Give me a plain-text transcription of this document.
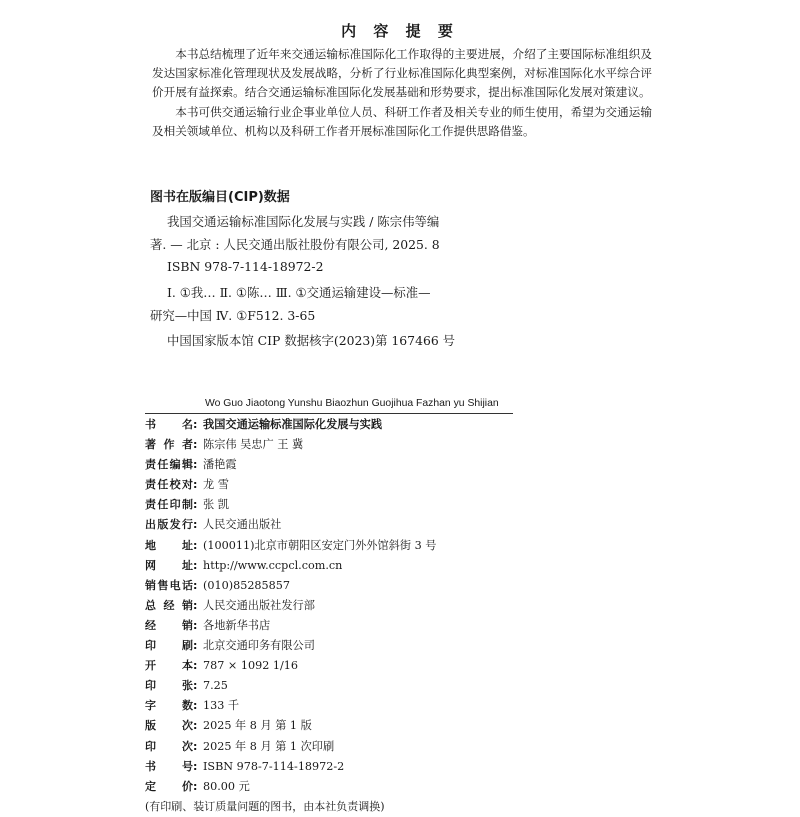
内 容 提 要

本书总结梳理了近年来交通运输标准国际化工作取得的主要进展，介绍了主要国际标准组织及发达国家标准化管理现状及发展战略，分析了行业标准国际化典型案例，对标准国际化水平综合评价开展有益探索。结合交通运输标准国际化发展基础和形势要求，提出标准国际化发展对策建议。

本书可供交通运输行业企事业单位人员、科研工作者及相关专业的师生使用，希望为交通运输及相关领域单位、机构以及科研工作者开展标准国际化工作提供思路借鉴。

图书在版编目(CIP)数据
我国交通运输标准国际化发展与实践 / 陈宗伟等编
著. — 北京 : 人民交通出版社股份有限公司, 2025. 8
ISBN 978-7-114-18972-2
Ⅰ. ①我… Ⅱ. ①陈… Ⅲ. ①交通运输建设—标准—
研究—中国 Ⅳ. ①F512. 3-65
中国国家版本馆 CIP 数据核字(2023)第 167466 号
Wo Guo Jiaotong Yunshu Biaozhun Guojihua Fazhan yu Shijian
书名 : 我国交通运输标准国际化发展与实践
著作者 : 陈宗伟 吴忠广 王 冀
责任编辑 : 潘艳霞
责任校对 : 龙 雪
责任印制 : 张 凯
出版发行 : 人民交通出版社
地址 : (100011)北京市朝阳区安定门外外馆斜街 3 号
网址 : http://www.ccpcl.com.cn
销售电话 : (010)85285857
总经销 : 人民交通出版社发行部
经销 : 各地新华书店
印刷 : 北京交通印务有限公司
开本 : 787 × 1092 1/16
印张 : 7.25
字数 : 133 千
版次 : 2025 年 8 月 第 1 版
印次 : 2025 年 8 月 第 1 次印刷
书号 : ISBN 978-7-114-18972-2
定价 : 80.00 元
(有印刷、装订质量问题的图书，由本社负责调换)
